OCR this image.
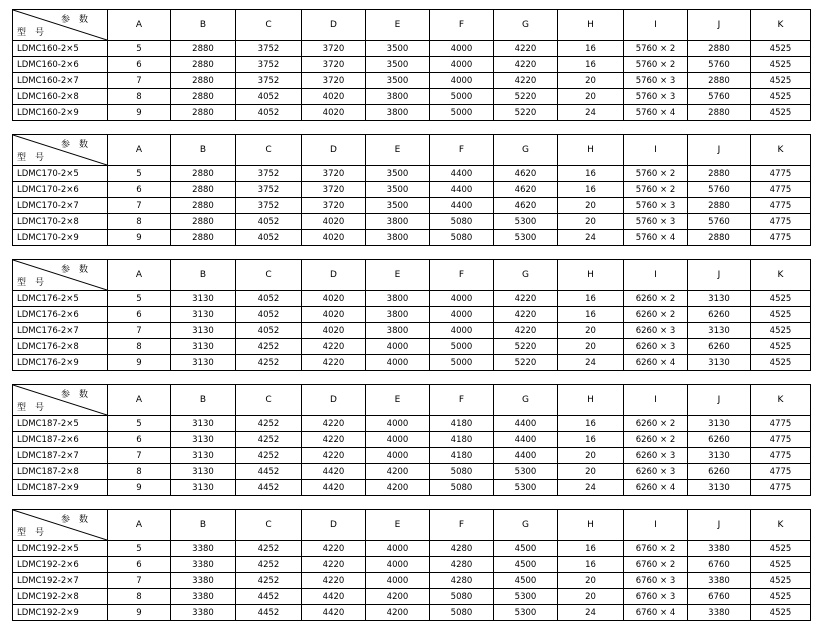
参数
型号	A	B	C	D	E	F	G	H	I	J	K
LDMC160-2×5	5	2880	3752	3720	3500	4000	4220	16	5760 × 2	2880	4525
LDMC160-2×6	6	2880	3752	3720	3500	4000	4220	16	5760 × 2	5760	4525
LDMC160-2×7	7	2880	3752	3720	3500	4000	4220	20	5760 × 3	2880	4525
LDMC160-2×8	8	2880	4052	4020	3800	5000	5220	20	5760 × 3	5760	4525
LDMC160-2×9	9	2880	4052	4020	3800	5000	5220	24	5760 × 4	2880	4525
参数
型号	A	B	C	D	E	F	G	H	I	J	K
LDMC170-2×5	5	2880	3752	3720	3500	4400	4620	16	5760 × 2	2880	4775
LDMC170-2×6	6	2880	3752	3720	3500	4400	4620	16	5760 × 2	5760	4775
LDMC170-2×7	7	2880	3752	3720	3500	4400	4620	20	5760 × 3	2880	4775
LDMC170-2×8	8	2880	4052	4020	3800	5080	5300	20	5760 × 3	5760	4775
LDMC170-2×9	9	2880	4052	4020	3800	5080	5300	24	5760 × 4	2880	4775
参数
型号	A	B	C	D	E	F	G	H	I	J	K
LDMC176-2×5	5	3130	4052	4020	3800	4000	4220	16	6260 × 2	3130	4525
LDMC176-2×6	6	3130	4052	4020	3800	4000	4220	16	6260 × 2	6260	4525
LDMC176-2×7	7	3130	4052	4020	3800	4000	4220	20	6260 × 3	3130	4525
LDMC176-2×8	8	3130	4252	4220	4000	5000	5220	20	6260 × 3	6260	4525
LDMC176-2×9	9	3130	4252	4220	4000	5000	5220	24	6260 × 4	3130	4525
参数
型号	A	B	C	D	E	F	G	H	I	J	K
LDMC187-2×5	5	3130	4252	4220	4000	4180	4400	16	6260 × 2	3130	4775
LDMC187-2×6	6	3130	4252	4220	4000	4180	4400	16	6260 × 2	6260	4775
LDMC187-2×7	7	3130	4252	4220	4000	4180	4400	20	6260 × 3	3130	4775
LDMC187-2×8	8	3130	4452	4420	4200	5080	5300	20	6260 × 3	6260	4775
LDMC187-2×9	9	3130	4452	4420	4200	5080	5300	24	6260 × 4	3130	4775
参数
型号	A	B	C	D	E	F	G	H	I	J	K
LDMC192-2×5	5	3380	4252	4220	4000	4280	4500	16	6760 × 2	3380	4525
LDMC192-2×6	6	3380	4252	4220	4000	4280	4500	16	6760 × 2	6760	4525
LDMC192-2×7	7	3380	4252	4220	4000	4280	4500	20	6760 × 3	3380	4525
LDMC192-2×8	8	3380	4452	4420	4200	5080	5300	20	6760 × 3	6760	4525
LDMC192-2×9	9	3380	4452	4420	4200	5080	5300	24	6760 × 4	3380	4525
